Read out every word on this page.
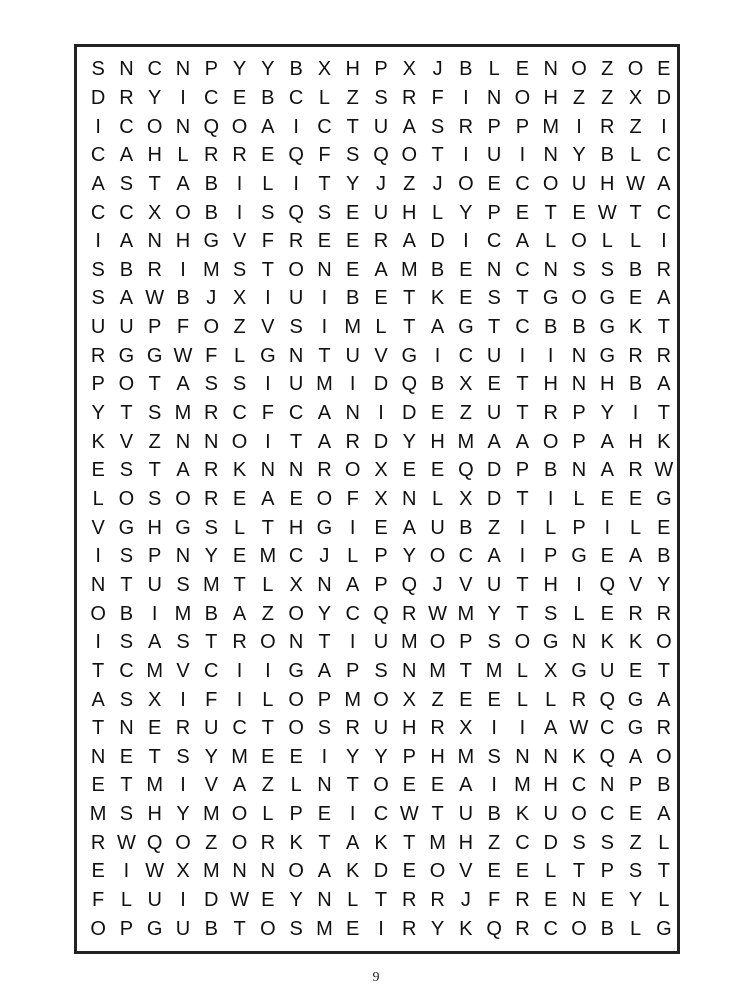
S N C N P Y Y B X H P X J B L E N O Z O E
D R Y I C E B C L Z S R F I N O H Z Z X D
I C O N Q O A I C T U A S R P P M I R Z I
C A H L R R E Q F S Q O T I U I N Y B L C
A S T A B I L I T Y J Z J O E C O U H W A
C C X O B I S Q S E U H L Y P E T E W T C
I A N H G V F R E E R A D I C A L O L L I
S B R I M S T O N E A M B E N C N S S B R
S A W B J X I U I B E T K E S T G O G E A
U U P F O Z V S I M L T A G T C B B G K T
R G G W F L G N T U V G I C U I	I N G R R
P O T A S S I U M I D Q B X E T H N H B A
Y T S M R C F C A N I D E Z U T R P Y I T
K V Z N N O I T A R D Y H M A A O P A H K
E S T A R K N N R O X E E Q D P B N A R W
L O S O R E A E O F X N L X D T I L E E G
V G H G S L T H G I E A U B Z I L P I L E
I S P N Y E M C J L P Y O C A I P G E A B
N T U S M T L X N A P Q J V U T H I Q V Y
O B I M B A Z O Y C Q R W M Y T S L E R R
I S A S T R O N T I U M O P S O G N K K O
T C M V C I	I G A P S N M T M L X G U E T
A S X I F I L O P M O X Z E E L L R Q G A
T N E R U C T O S R U H R X I	I A W C G R
N E T S Y M E E I Y Y P H M S N N K Q A O
E T M I V A Z L N T O E E A I M H C N P B
M S H Y M O L P E I C W T U B K U O C E A
R W Q O Z O R K T A K T M H Z C D S S Z L
E I W X M N N O A K D E O V E E L T P S T
F L U I D W E Y N L T R R J F R E N E Y L
O P G U B T O S M E I R Y K Q R C O B L G
9
